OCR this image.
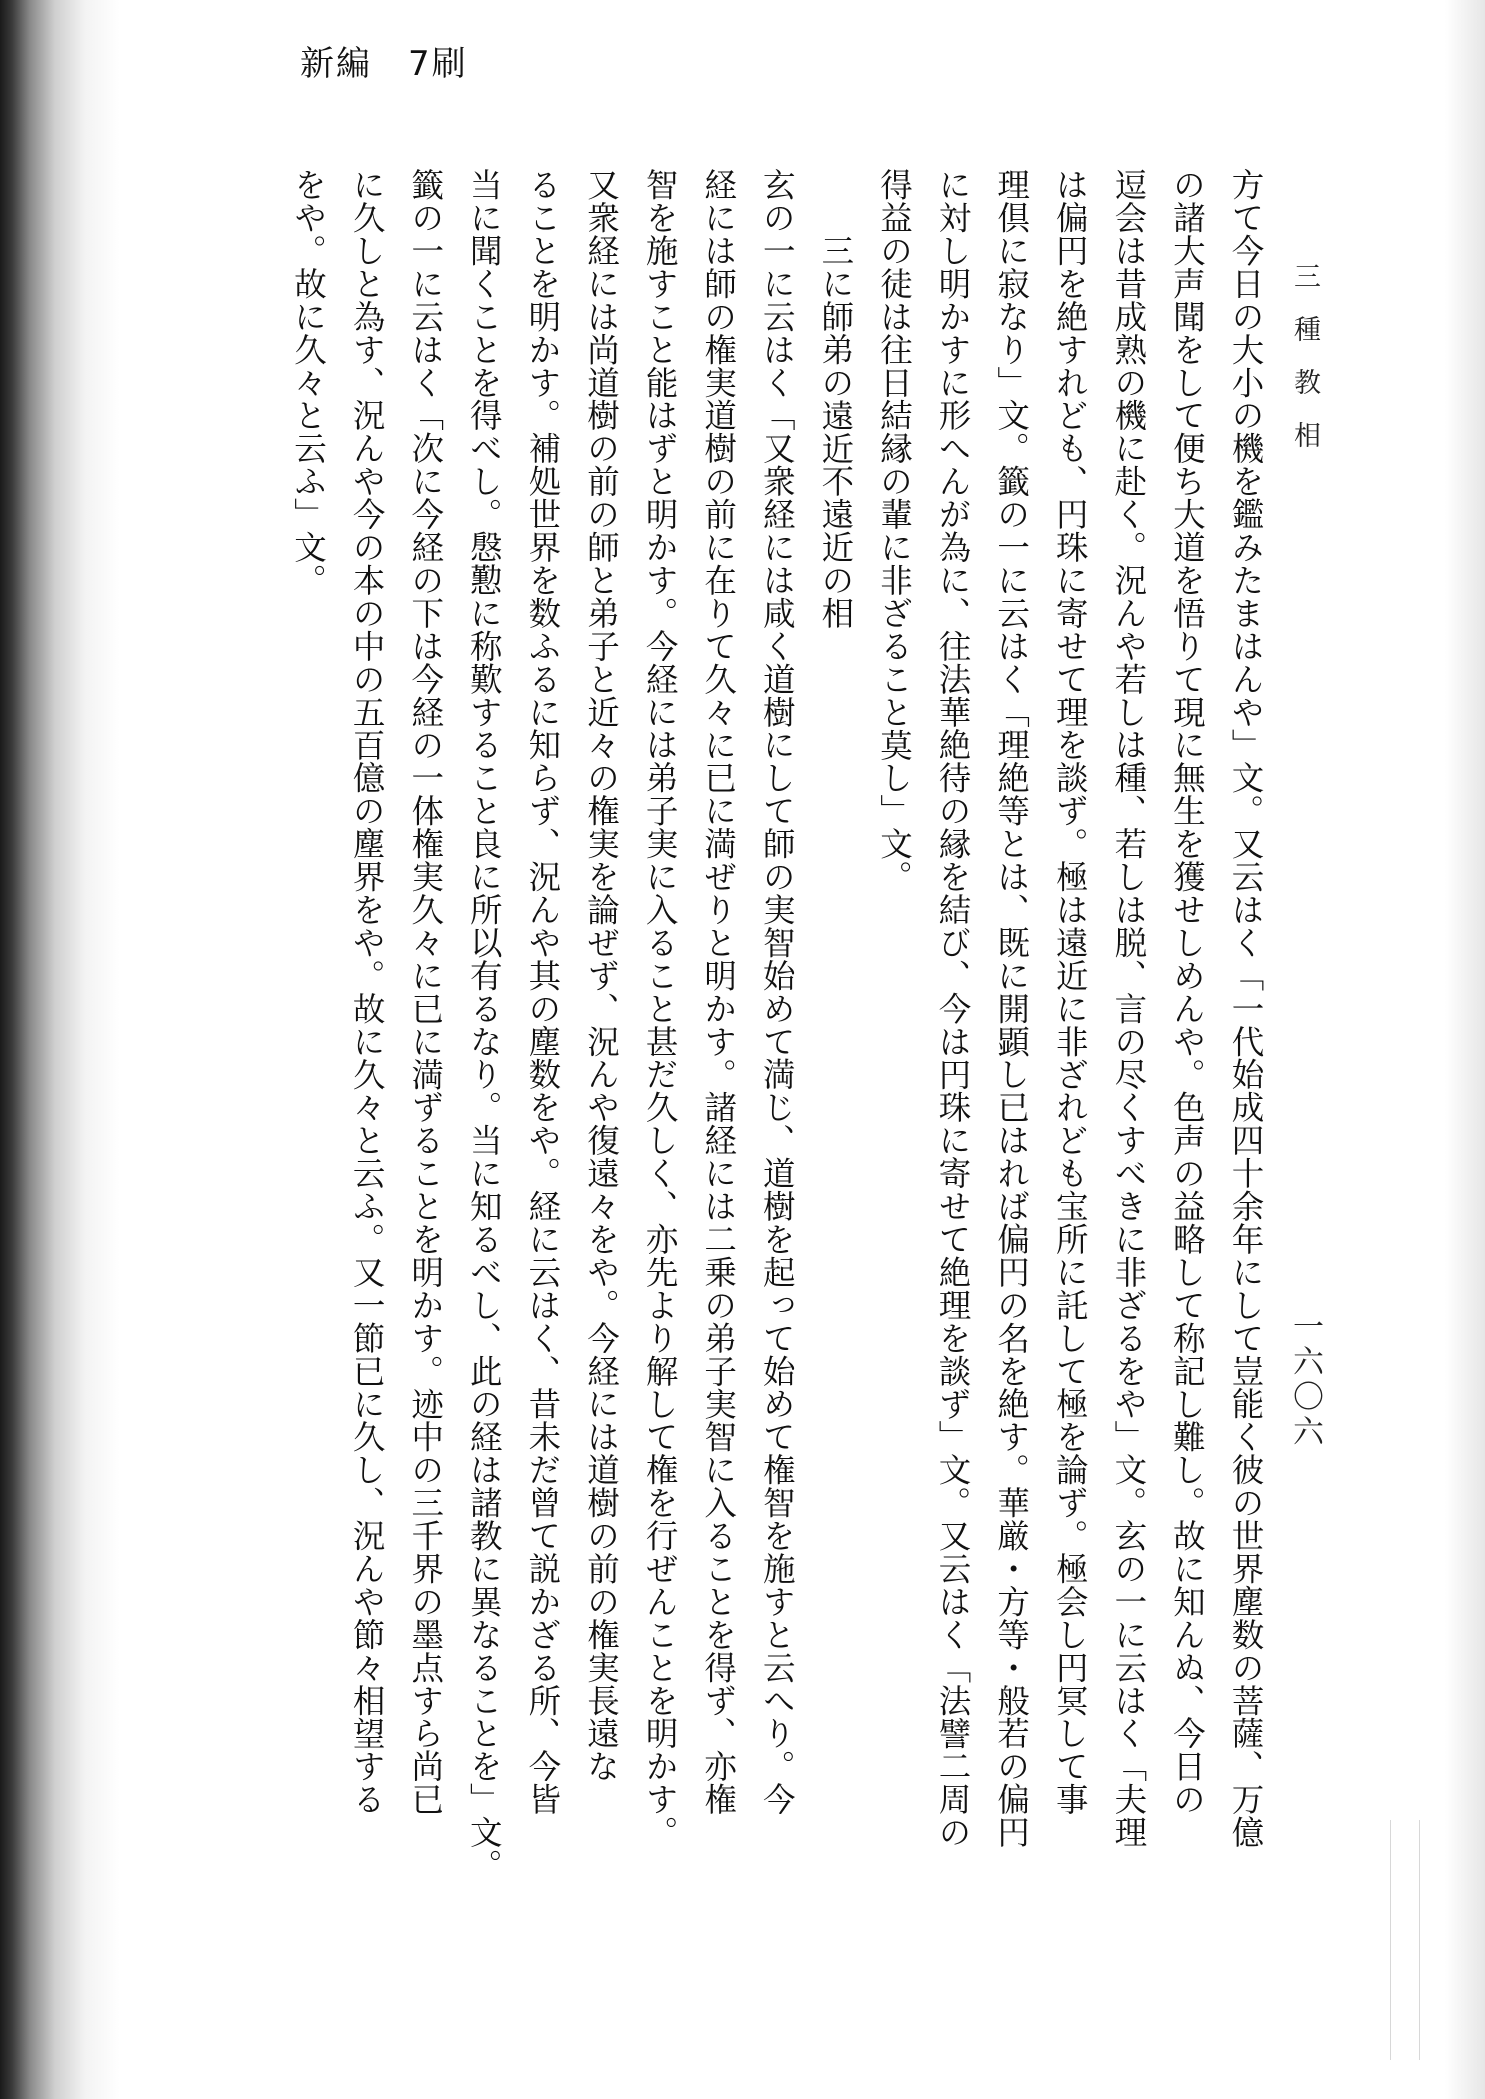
新編　7刷
三種教相
一六〇六
方て今日の大小の機を鑑みたまはんや」文。又云はく「一代始成四十余年にして豈能く彼の世界塵数の菩薩、万億
の諸大声聞をして便ち大道を悟りて現に無生を獲せしめんや。色声の益略して称記し難し。故に知んぬ、今日の
逗会は昔成熟の機に赴く。況んや若しは種、若しは脱、言の尽くすべきに非ざるをや」文。玄の一に云はく「夫理
は偏円を絶すれども、円珠に寄せて理を談ず。極は遠近に非ざれども宝所に託して極を論ず。極会し円冥して事
理倶に寂なり」文。籤の一に云はく「理絶等とは、既に開顕し已はれば偏円の名を絶す。華厳・方等・般若の偏円
に対し明かすに形へんが為に、往法華絶待の縁を結び、今は円珠に寄せて絶理を談ず」文。又云はく「法譬二周の
得益の徒は往日結縁の輩に非ざること莫し」文。
三に師弟の遠近不遠近の相
玄の一に云はく「又衆経には咸く道樹にして師の実智始めて満じ、道樹を起って始めて権智を施すと云へり。今
経には師の権実道樹の前に在りて久々に已に満ぜりと明かす。諸経には二乗の弟子実智に入ることを得ず、亦権
智を施すこと能はずと明かす。今経には弟子実に入ること甚だ久しく、亦先より解して権を行ぜんことを明かす。
又衆経には尚道樹の前の師と弟子と近々の権実を論ぜず、況んや復遠々をや。今経には道樹の前の権実長遠な
ることを明かす。補処世界を数ふるに知らず、況んや其の塵数をや。経に云はく、昔未だ曾て説かざる所、今皆
当に聞くことを得べし。慇懃に称歎すること良に所以有るなり。当に知るべし、此の経は諸教に異なることを」文。
籤の一に云はく「次に今経の下は今経の一体権実久々に已に満ずることを明かす。迹中の三千界の墨点すら尚已
に久しと為す、況んや今の本の中の五百億の塵界をや。故に久々と云ふ。又一節已に久し、況んや節々相望する
をや。故に久々と云ふ」文。
